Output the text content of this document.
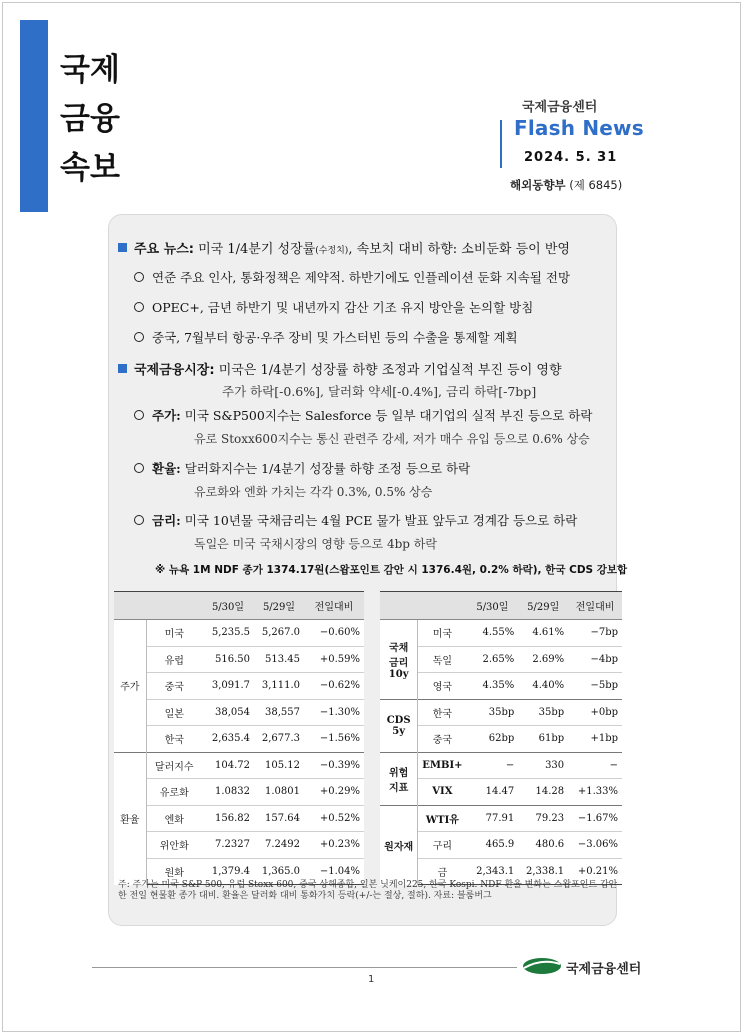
국제
금융
속보
국제금융센터
Flash News
2024. 5. 31
해외동향부 (제 6845)
주요 뉴스: 미국 1/4분기 성장률(수정치), 속보치 대비 하향: 소비둔화 등이 반영
연준 주요 인사, 통화정책은 제약적. 하반기에도 인플레이션 둔화 지속될 전망
OPEC+, 금년 하반기 및 내년까지 감산 기조 유지 방안을 논의할 방침
중국, 7월부터 항공·우주 장비 및 가스터빈 등의 수출을 통제할 계획
국제금융시장: 미국은 1/4분기 성장률 하향 조정과 기업실적 부진 등이 영향
주가 하락[-0.6%], 달러화 약세[-0.4%], 금리 하락[-7bp]
주가: 미국 S&P500지수는 Salesforce 등 일부 대기업의 실적 부진 등으로 하락
유로 Stoxx600지수는 통신 관련주 강세, 저가 매수 유입 등으로 0.6% 상승
환율: 달러화지수는 1/4분기 성장률 하향 조정 등으로 하락
유로화와 엔화 가치는 각각 0.3%, 0.5% 상승
금리: 미국 10년물 국채금리는 4월 PCE 물가 발표 앞두고 경계감 등으로 하락
독일은 미국 국채시장의 영향 등으로 4bp 하락
※ 뉴욕 1M NDF 종가 1374.17원(스왑포인트 감안 시 1376.4원, 0.2% 하락), 한국 CDS 강보합
		5/30일	5/29일	전일대비
주가	미국	5,235.5	5,267.0	−0.60%
	유럽	516.50	513.45	+0.59%
	중국	3,091.7	3,111.0	−0.62%
	일본	38,054	38,557	−1.30%
	한국	2,635.4	2,677.3	−1.56%
환율	달러지수	104.72	105.12	−0.39%
	유로화	1.0832	1.0801	+0.29%
	엔화	156.82	157.64	+0.52%
	위안화	7.2327	7.2492	+0.23%
	원화	1,379.4	1,365.0	−1.04%
		5/30일	5/29일	전일대비
국채
금리
10y	미국	4.55%	4.61%	−7bp
	독일	2.65%	2.69%	−4bp
	영국	4.35%	4.40%	−5bp
CDS
5y	한국	35bp	35bp	+0bp
	중국	62bp	61bp	+1bp
위험
지표	EMBI+	−	330	−
	VIX	14.47	14.28	+1.33%
원자재	WTI유	77.91	79.23	−1.67%
	구리	465.9	480.6	−3.06%
	금	2,343.1	2,338.1	+0.21%
주: 주가는 미국 S&P 500, 유럽 Stoxx 600, 중국 상해종합, 일본 닛케이225, 한국 Kospi. NDF 환율 변화는 스왑포인트 감안한 전일 현물환 종가 대비. 환율은 달러화 대비 통화가치 등락(+/-는 절상, 절하). 자료: 블룸버그
1
국제금융센터
